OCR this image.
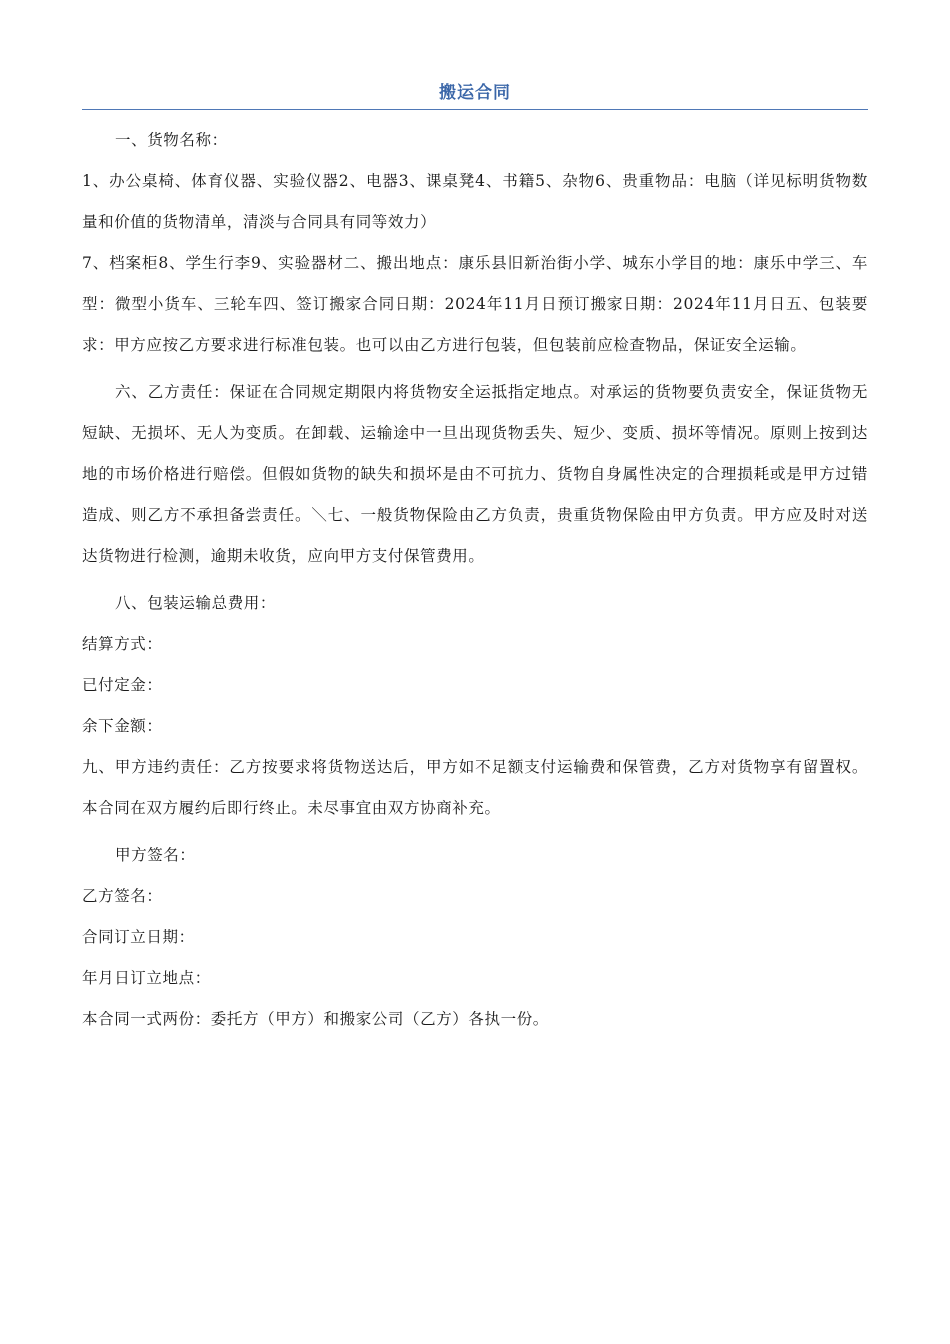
搬运合同

一、货物名称：

1、办公桌椅、体育仪器、实验仪器2、电器3、课桌凳4、书籍5、杂物6、贵重物品：电脑（详见标明货物数量和价值的货物清单，清淡与合同具有同等效力）

7、档案柜8、学生行李9、实验器材二、搬出地点：康乐县旧新治街小学、城东小学目的地：康乐中学三、车型：微型小货车、三轮车四、签订搬家合同日期：2024年11月日预订搬家日期：2024年11月日五、包装要求：甲方应按乙方要求进行标准包装。也可以由乙方进行包装，但包装前应检查物品，保证安全运输。

六、乙方责任：保证在合同规定期限内将货物安全运抵指定地点。对承运的货物要负责安全，保证货物无短缺、无损坏、无人为变质。在卸载、运输途中一旦出现货物丢失、短少、变质、损坏等情况。原则上按到达地的市场价格进行赔偿。但假如货物的缺失和损坏是由不可抗力、货物自身属性决定的合理损耗或是甲方过错造成、则乙方不承担备尝责任。＼七、一般货物保险由乙方负责，贵重货物保险由甲方负责。甲方应及时对送达货物进行检测，逾期未收货，应向甲方支付保管费用。

八、包装运输总费用：

结算方式：

已付定金：

余下金额：

九、甲方违约责任：乙方按要求将货物送达后，甲方如不足额支付运输费和保管费，乙方对货物享有留置权。本合同在双方履约后即行终止。未尽事宜由双方协商补充。

甲方签名：

乙方签名：

合同订立日期：

年月日订立地点：

本合同一式两份：委托方（甲方）和搬家公司（乙方）各执一份。
